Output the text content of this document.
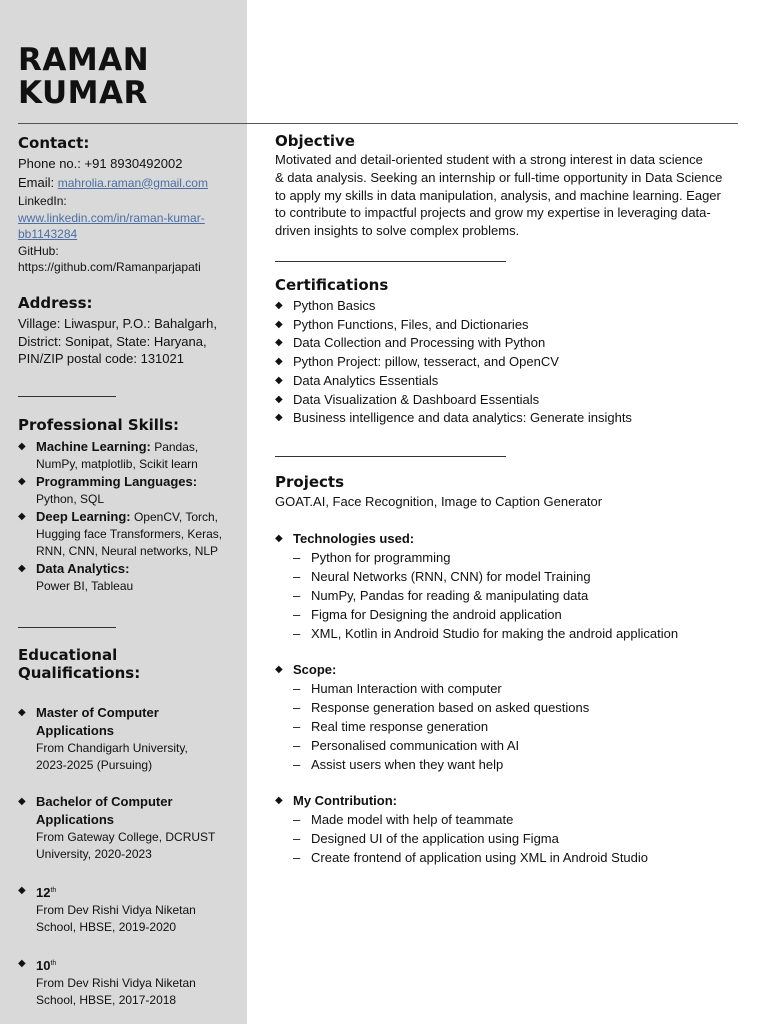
RAMAN
KUMAR
Contact:
Phone no.: +91 8930492002
Email: mahrolia.raman@gmail.com
LinkedIn:
www.linkedin.com/in/raman-kumar-
bb1143284
GitHub:
https://github.com/Ramanparjapati
Address:
Village: Liwaspur, P.O.: Bahalgarh,
District: Sonipat, State: Haryana,
PIN/ZIP postal code: 131021
Professional Skills:
◆ Machine Learning: Pandas,
NumPy, matplotlib, Scikit learn
◆ Programming Languages:
Python, SQL
◆ Deep Learning: OpenCV, Torch,
Hugging face Transformers, Keras,
RNN, CNN, Neural networks, NLP
◆ Data Analytics:
Power BI, Tableau
Educational Qualifications:
◆ Master of Computer
Applications
From Chandigarh University,
2023-2025 (Pursuing)
◆ Bachelor of Computer
Applications
From Gateway College, DCRUST
University, 2020-2023
◆ 12th
From Dev Rishi Vidya Niketan
School, HBSE, 2019-2020
◆ 10th
From Dev Rishi Vidya Niketan
School, HBSE, 2017-2018
Objective
Motivated and detail-oriented student with a strong interest in data science
& data analysis. Seeking an internship or full-time opportunity in Data Science
to apply my skills in data manipulation, analysis, and machine learning. Eager
to contribute to impactful projects and grow my expertise in leveraging data-
driven insights to solve complex problems.
Certifications
◆ Python Basics
◆ Python Functions, Files, and Dictionaries
◆ Data Collection and Processing with Python
◆ Python Project: pillow, tesseract, and OpenCV
◆ Data Analytics Essentials
◆ Data Visualization & Dashboard Essentials
◆ Business intelligence and data analytics: Generate insights
Projects
GOAT.AI, Face Recognition, Image to Caption Generator
◆ Technologies used:
– Python for programming
– Neural Networks (RNN, CNN) for model Training
– NumPy, Pandas for reading & manipulating data
– Figma for Designing the android application
– XML, Kotlin in Android Studio for making the android application
◆ Scope:
– Human Interaction with computer
– Response generation based on asked questions
– Real time response generation
– Personalised communication with AI
– Assist users when they want help
◆ My Contribution:
– Made model with help of teammate
– Designed UI of the application using Figma
– Create frontend of application using XML in Android Studio
